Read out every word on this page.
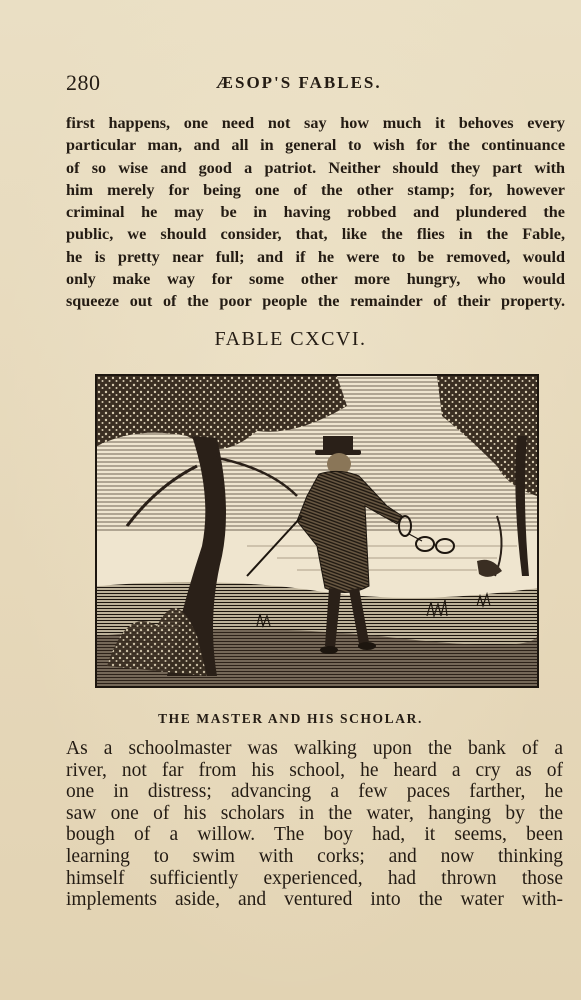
280	ÆSOP'S FABLES.
first happens, one need not say how much it behoves every
particular man, and all in general to wish for the continuance
of so wise and good a patriot. Neither should they part with
him merely for being one of the other stamp; for, however
criminal he may be in having robbed and plundered the
public, we should consider, that, like the flies in the Fable,
he is pretty near full; and if he were to be removed, would
only make way for some other more hungry, who would
squeeze out of the poor people the remainder of their property.
FABLE CXCVI.
THE MASTER AND HIS SCHOLAR.
As a schoolmaster was walking upon the bank of a
river, not far from his school, he heard a cry as of
one in distress; advancing a few paces farther, he
saw one of his scholars in the water, hanging by the
bough of a willow. The boy had, it seems, been
learning to swim with corks; and now thinking
himself sufficiently experienced, had thrown those
implements aside, and ventured into the water with-
